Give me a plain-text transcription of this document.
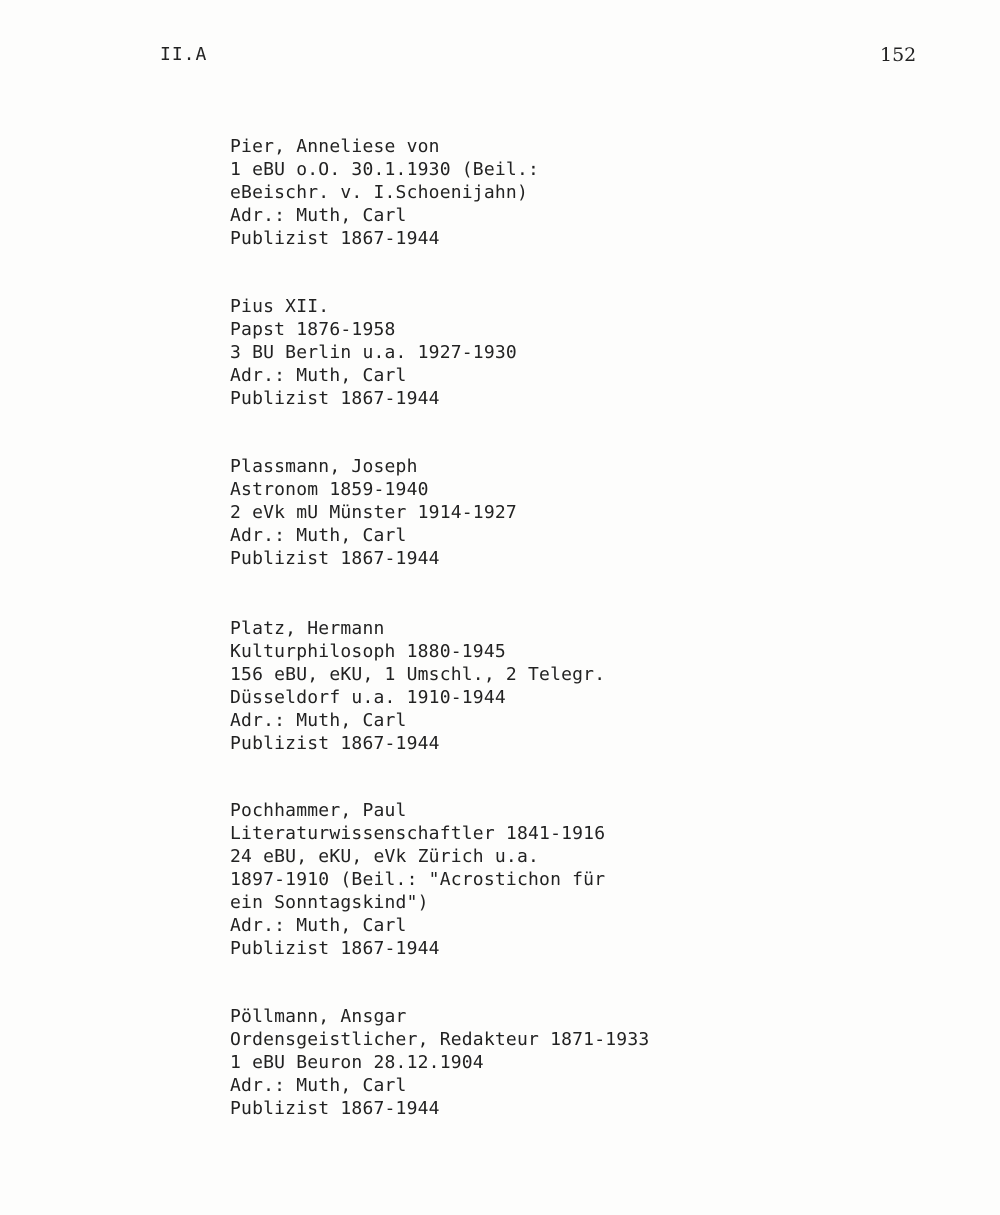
II.A	152
Pier, Anneliese von
1 eBU o.O. 30.1.1930 (Beil.:
eBeischr. v. I.Schoenijahn)
Adr.: Muth, Carl
Publizist 1867-1944
Pius XII.
Papst 1876-1958
3 BU Berlin u.a. 1927-1930
Adr.: Muth, Carl
Publizist 1867-1944
Plassmann, Joseph
Astronom 1859-1940
2 eVk mU Münster 1914-1927
Adr.: Muth, Carl
Publizist 1867-1944
Platz, Hermann
Kulturphilosoph 1880-1945
156 eBU, eKU, 1 Umschl., 2 Telegr.
Düsseldorf u.a. 1910-1944
Adr.: Muth, Carl
Publizist 1867-1944
Pochhammer, Paul
Literaturwissenschaftler 1841-1916
24 eBU, eKU, eVk Zürich u.a.
1897-1910 (Beil.: "Acrostichon für
ein Sonntagskind")
Adr.: Muth, Carl
Publizist 1867-1944
Pöllmann, Ansgar
Ordensgeistlicher, Redakteur 1871-1933
1 eBU Beuron 28.12.1904
Adr.: Muth, Carl
Publizist 1867-1944
